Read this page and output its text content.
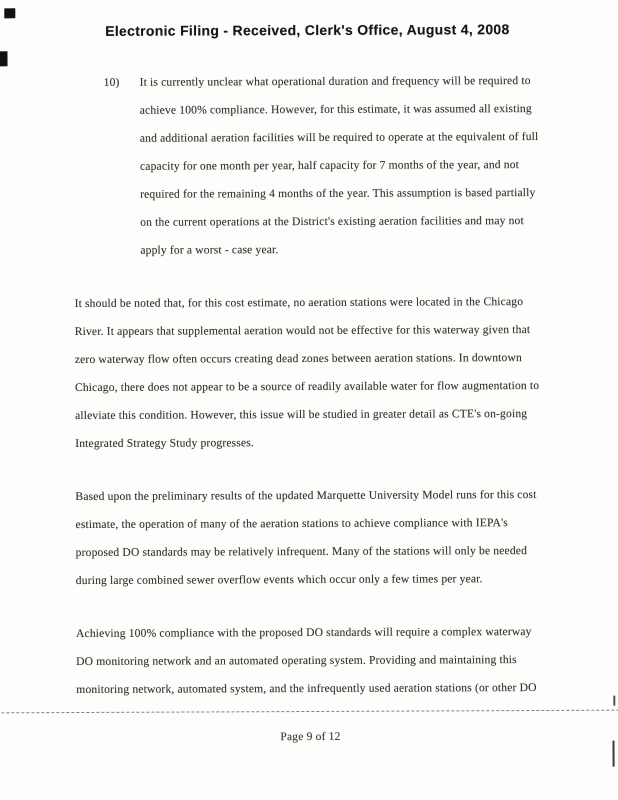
Electronic Filing - Received, Clerk's Office, August 4, 2008
10)	It is currently unclear what operational duration and frequency will be required to achieve 100% compliance. However, for this estimate, it was assumed all existing and additional aeration facilities will be required to operate at the equivalent of full capacity for one month per year, half capacity for 7 months of the year, and not required for the remaining 4 months of the year. This assumption is based partially on the current operations at the District's existing aeration facilities and may not apply for a worst - case year.

It should be noted that, for this cost estimate, no aeration stations were located in the Chicago River. It appears that supplemental aeration would not be effective for this waterway given that zero waterway flow often occurs creating dead zones between aeration stations. In downtown Chicago, there does not appear to be a source of readily available water for flow augmentation to alleviate this condition. However, this issue will be studied in greater detail as CTE's on-going Integrated Strategy Study progresses.

Based upon the preliminary results of the updated Marquette University Model runs for this cost estimate, the operation of many of the aeration stations to achieve compliance with IEPA's proposed DO standards may be relatively infrequent. Many of the stations will only be needed during large combined sewer overflow events which occur only a few times per year.

Achieving 100% compliance with the proposed DO standards will require a complex waterway DO monitoring network and an automated operating system. Providing and maintaining this monitoring network, automated system, and the infrequently used aeration stations (or other DO

Page 9 of 12
